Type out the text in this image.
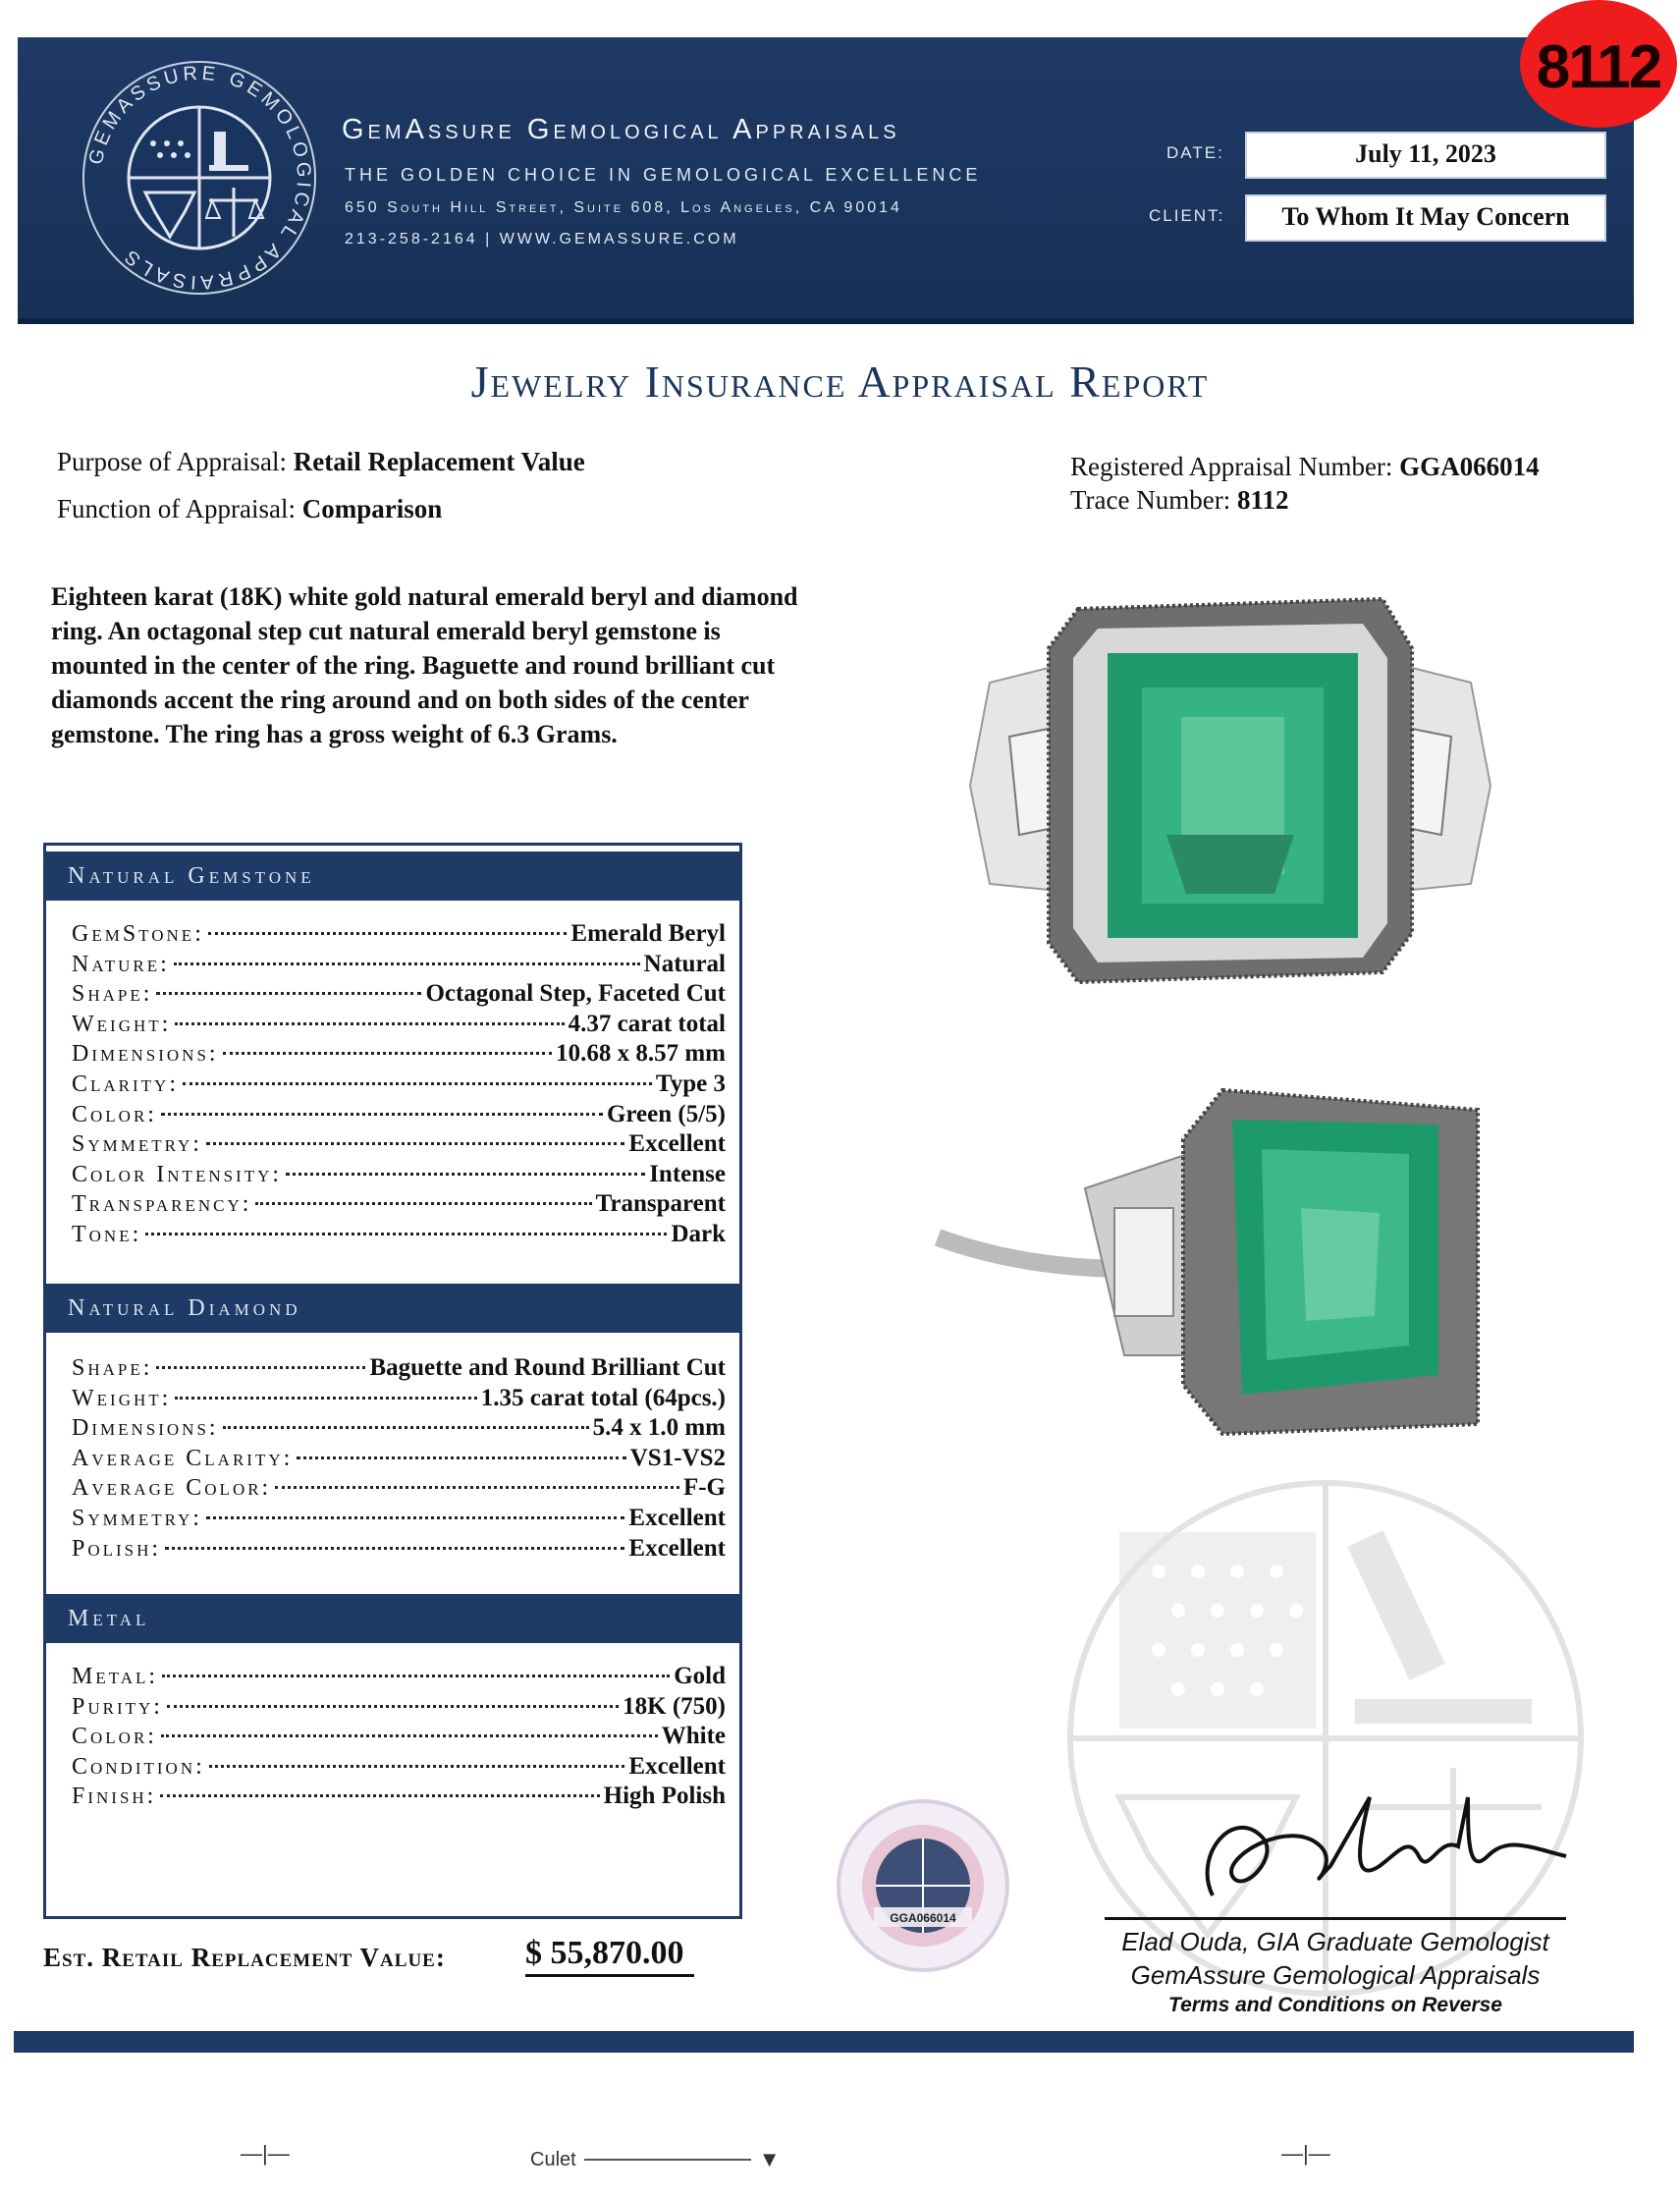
GEMASSURE GEMOLOGICAL APPRAISALS
GemAssure Gemological Appraisals
THE GOLDEN CHOICE IN GEMOLOGICAL EXCELLENCE
650 South Hill Street, Suite 608, Los Angeles, CA 90014
213-258-2164 | WWW.GEMASSURE.COM
DATE:	July 11, 2023
CLIENT:	To Whom It May Concern
8112
Jewelry Insurance Appraisal Report
Purpose of Appraisal: Retail Replacement Value
Function of Appraisal: Comparison
Registered Appraisal Number: GGA066014
Trace Number: 8112
Eighteen karat (18K) white gold natural emerald beryl and diamond ring. An octagonal step cut natural emerald beryl gemstone is mounted in the center of the ring. Baguette and round brilliant cut diamonds accent the ring around and on both sides of the center gemstone. The ring has a gross weight of 6.3 Grams.
Natural Gemstone
Natural Diamond
Metal
GemStone:	Emerald Beryl
Nature:	Natural
Shape:	Octagonal Step, Faceted Cut
Weight:	4.37 carat total
Dimensions:	10.68 x 8.57 mm
Clarity:	Type 3
Color:	Green (5/5)
Symmetry:	Excellent
Color Intensity:	Intense
Transparency:	Transparent
Tone:	Dark
Shape:	Baguette and Round Brilliant Cut
Weight:	1.35 carat total (64pcs.)
Dimensions:	5.4 x 1.0 mm
Average Clarity:	VS1-VS2
Average Color:	F-G
Symmetry:	Excellent
Polish:	Excellent
Metal:	Gold
Purity:	18K (750)
Color:	White
Condition:	Excellent
Finish:	High Polish
Est. Retail Replacement Value: $ 55,870.00
GGA066014
Elad Ouda, GIA Graduate Gemologist
GemAssure Gemological Appraisals
Terms and Conditions on Reverse
—|—	—|—
Culet	▼
